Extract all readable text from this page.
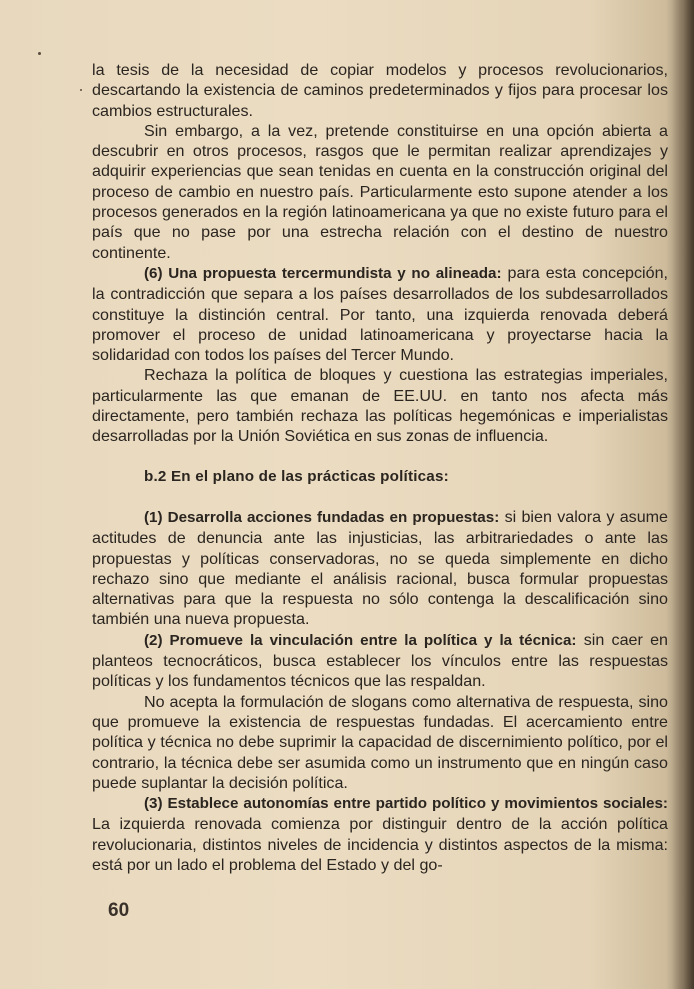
la tesis de la necesidad de copiar modelos y procesos revolucionarios, descartando la existencia de caminos predeterminados y fijos para procesar los cambios estructurales.

Sin embargo, a la vez, pretende constituirse en una opción abierta a descubrir en otros procesos, rasgos que le permitan realizar aprendizajes y adquirir experiencias que sean tenidas en cuenta en la construcción original del proceso de cambio en nuestro país. Particularmente esto supone atender a los procesos generados en la región latinoamericana ya que no existe futuro para el país que no pase por una estrecha relación con el destino de nuestro continente.

(6) Una propuesta tercermundista y no alineada: para esta concepción, la contradicción que separa a los países desarrollados de los subdesarrollados constituye la distinción central. Por tanto, una izquierda renovada deberá promover el proceso de unidad latinoamericana y proyectarse hacia la solidaridad con todos los países del Tercer Mundo.

Rechaza la política de bloques y cuestiona las estrategias imperiales, particularmente las que emanan de EE.UU. en tanto nos afecta más directamente, pero también rechaza las políticas hegemónicas e imperialistas desarrolladas por la Unión Soviética en sus zonas de influencia.

b.2 En el plano de las prácticas políticas:

(1) Desarrolla acciones fundadas en propuestas: si bien valora y asume actitudes de denuncia ante las injusticias, las arbitrariedades o ante las propuestas y políticas conservadoras, no se queda simplemente en dicho rechazo sino que mediante el análisis racional, busca formular propuestas alternativas para que la respuesta no sólo contenga la descalificación sino también una nueva propuesta.

(2) Promueve la vinculación entre la política y la técnica: sin caer en planteos tecnocráticos, busca establecer los vínculos entre las respuestas políticas y los fundamentos técnicos que las respaldan.

No acepta la formulación de slogans como alternativa de respuesta, sino que promueve la existencia de respuestas fundadas. El acercamiento entre política y técnica no debe suprimir la capacidad de discernimiento político, por el contrario, la técnica debe ser asumida como un instrumento que en ningún caso puede suplantar la decisión política.

(3) Establece autonomías entre partido político y movimientos sociales: La izquierda renovada comienza por distinguir dentro de la acción política revolucionaria, distintos niveles de incidencia y distintos aspectos de la misma: está por un lado el problema del Estado y del go-

60
